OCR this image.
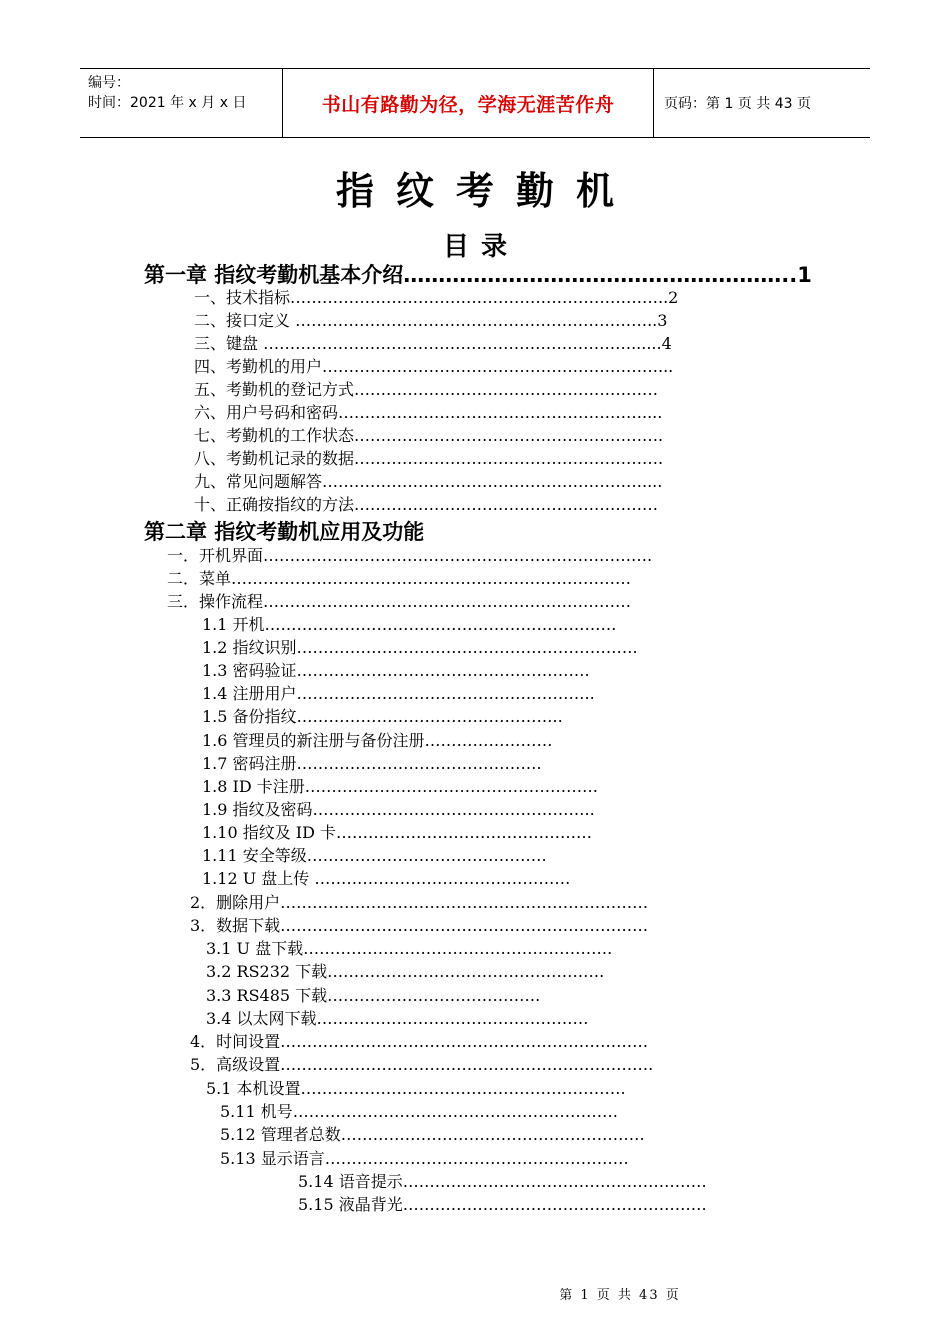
编号：
时间：2021 年 x 月 x 日	书山有路勤为径，学海无涯苦作舟	页码：第 1 页 共 43 页
指纹考勤机
目录
第一章 指纹考勤机基本介绍………………………………………………..1
一、技术指标……………………………………………………………..2
二、接口定义 …………………………………………………………..3
三、键盘 ……………………………………………………………......4
四、考勤机的用户………………………………………………………...
五、考勤机的登记方式…………………………………………………
六、用户号码和密码…………………………………………………....
七、考勤机的工作状态………………………………………………….
八、考勤机记录的数据………………………………………………….
九、常见问题解答……………………………………………………....
十、正确按指纹的方法…………………………………………………
第二章 指纹考勤机应用及功能
一．开机界面……………………………………………………………….
二．菜单…………………………………………………………………
三．操作流程……………………………………………………………
1.1 开机…………………………………………………………
1.2 指纹识别……………………………………………………….
1.3 密码验证……………………………………………….
1.4 注册用户………………………………………………..
1.5 备份指纹…………………………………………..
1.6 管理员的新注册与备份注册……………………
1.7 密码注册……………………………………….
1.8 ID 卡注册……………………………………………….
1.9 指纹及密码……………………………………………..
1.10 指纹及 ID 卡…………………………………………
1.11 安全等级………………………………………
1.12 U 盘上传 …………………………………………
2．删除用户……………………………………………………………
3．数据下载……………………………………………………………
3.1 U 盘下载………………………………………………….
3.2 RS232 下载…………………………………………….
3.3 RS485 下载………………………………….
3.4 以太网下载……………………………………………
4．时间设置……………………………………………………………
5．高级设置…………………………………………………………….
5.1 本机设置…………………………………………………….
5.11 机号…………………………………………………….
5.12 管理者总数…………………………………………………
5.13 显示语言…………………………………………………
5.14 语音提示…………………………………………………
5.15 液晶背光…………………………………………………
第 1 页 共 43 页
